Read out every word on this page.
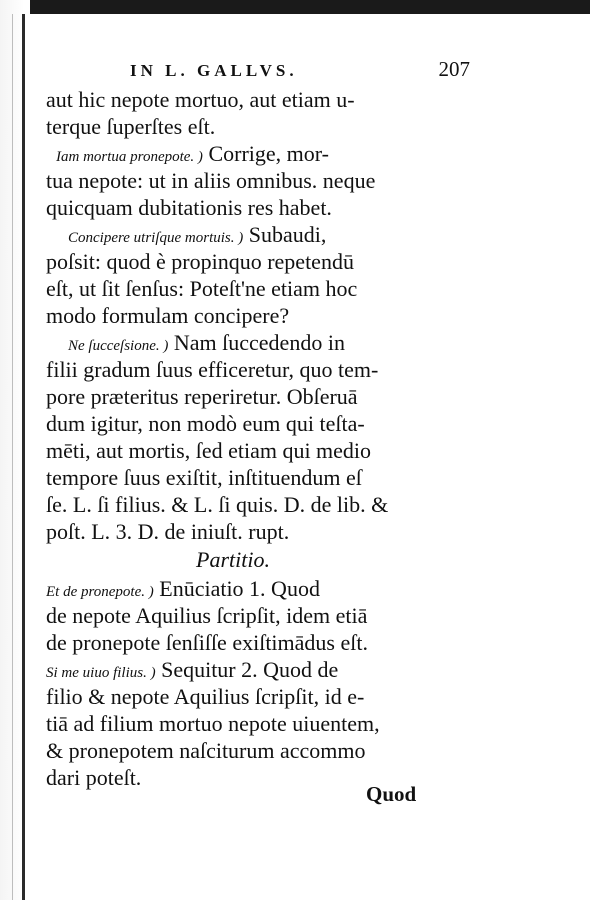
IN L. GALLVS.	207
aut hic nepote mortuo, aut etiam u-
terque ſuperſtes eſt.
Iam mortua pronepote. ) Corrige, mor-
tua nepote: ut in aliis omnibus. neque
quicquam dubitationis res habet.
Concipere utriſque mortuis. ) Subaudi,
poſsit: quod è propinquo repetendū
eſt, ut ſit ſenſus: Poteſt'ne etiam hoc
modo formulam concipere?
Ne ſucceſsione. ) Nam ſuccedendo in
filii gradum ſuus efficeretur, quo tem-
pore præteritus reperiretur. Obſeruā
dum igitur, non modò eum qui teſta-
mēti, aut mortis, ſed etiam qui medio
tempore ſuus exiſtit, inſtituendum eſ
ſe. L. ſi filius. & L. ſi quis. D. de lib. &
poſt. L. 3. D. de iniuſt. rupt.
Partitio.
Et de pronepote. ) Enūciatio 1. Quod
de nepote Aquilius ſcripſit, idem etiā
de pronepote ſenſiſſe exiſtimādus eſt.
Si me uiuo filius. ) Sequitur 2. Quod de
filio & nepote Aquilius ſcripſit, id e-
tiā ad filium mortuo nepote uiuentem,
& pronepotem naſciturum accommo
dari poteſt.
Quod
